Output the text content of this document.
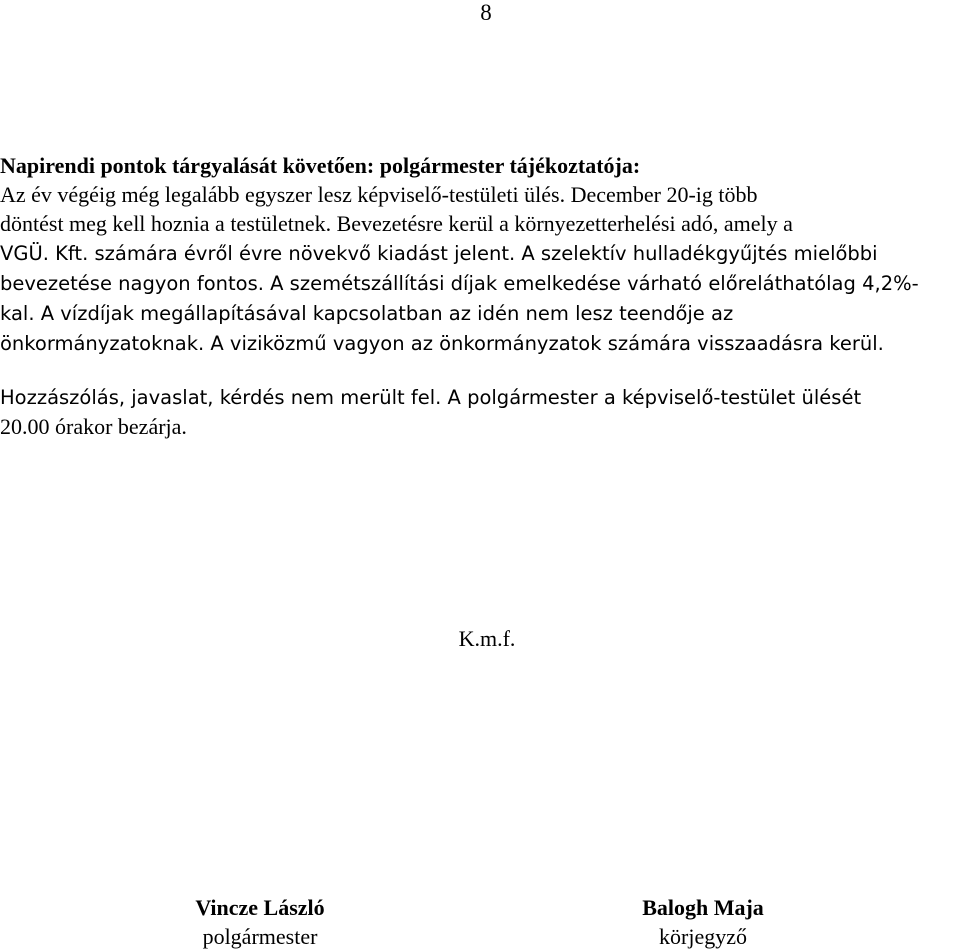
8

Napirendi pontok tárgyalását követően: polgármester tájékoztatója:

Az év végéig még legalább egyszer lesz képviselő-testületi ülés. December 20-ig több
döntést meg kell hoznia a testületnek. Bevezetésre kerül a környezetterhelési adó, amely a
VGÜ. Kft. számára évről évre növekvő kiadást jelent. A szelektív hulladékgyűjtés mielőbbi
bevezetése nagyon fontos. A szemétszállítási díjak emelkedése várható előreláthatólag 4,2%-
kal. A vízdíjak megállapításával kapcsolatban az idén nem lesz teendője az
önkormányzatoknak. A viziközmű vagyon az önkormányzatok számára visszaadásra kerül.

Hozzászólás, javaslat, kérdés nem merült fel. A polgármester a képviselő-testület ülését
20.00 órakor bezárja.

K.m.f.
Vincze László
polgármester
Balogh Maja
körjegyző
